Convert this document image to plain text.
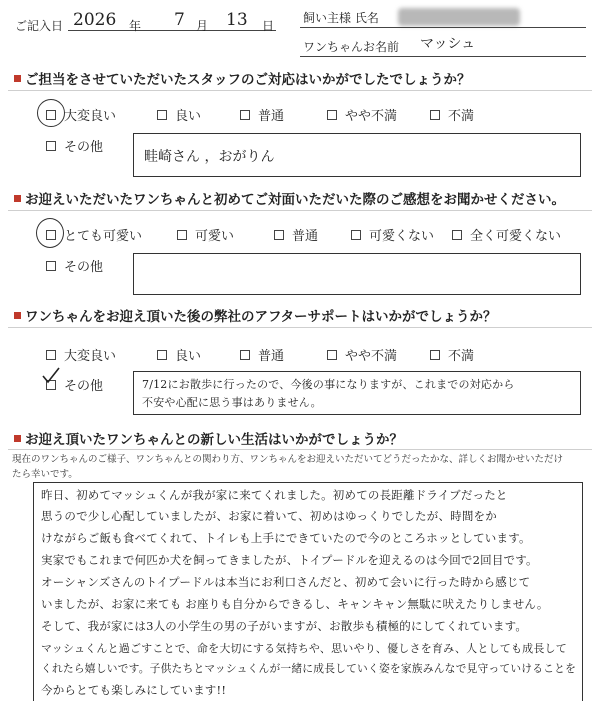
ご記入日 2026 年 7 月 13 日
飼い主様 氏名
ワンちゃんお名前 マッシュ
ご担当をさせていただいたスタッフのご対応はいかがでしたでしょうか？
大変良い	良い	普通	やや不満	不満
その他
畦崎さん ，おがりん
お迎えいただいたワンちゃんと初めてご対面いただいた際のご感想をお聞かせください。
とても可愛い	可愛い	普通	可愛くない	全く可愛くない
その他
ワンちゃんをお迎え頂いた後の弊社のアフターサポートはいかがでしょうか？
大変良い	良い	普通	やや不満	不満
その他	7/12にお散歩に行ったので、今後の事になりますが、これまでの対応から
不安や心配に思う事はありません。
お迎え頂いたワンちゃんとの新しい生活はいかがでしょうか？
現在のワンちゃんのご様子、ワンちゃんとの関わり方、ワンちゃんをお迎えいただいてどうだったかな、詳しくお聞かせいただけ
たら幸いです。
昨日、初めてマッシュくんが我が家に来てくれました。初めての長距離ドライブだったと
思うので少し心配していましたが、お家に着いて、初めはゆっくりでしたが、時間をか
けながらご飯も食べてくれて、トイレも上手にできていたので今のところホッとしています。
実家でもこれまで何匹か犬を飼ってきましたが、トイプードルを迎えるのは今回で2回目です。
オーシャンズさんのトイプードルは本当にお利口さんだと、初めて会いに行った時から感じて
いましたが、お家に来ても お座りも自分からできるし、キャンキャン無駄に吠えたりしません。
そして、我が家には3人の小学生の男の子がいますが、お散歩も積極的にしてくれています。
マッシュくんと過ごすことで、命を大切にする気持ちや、思いやり、優しさを育み、人としても成長して
くれたら嬉しいです。子供たちとマッシュくんが一緒に成長していく姿を家族みんなで見守っていけることを
今からとても楽しみにしています!!
